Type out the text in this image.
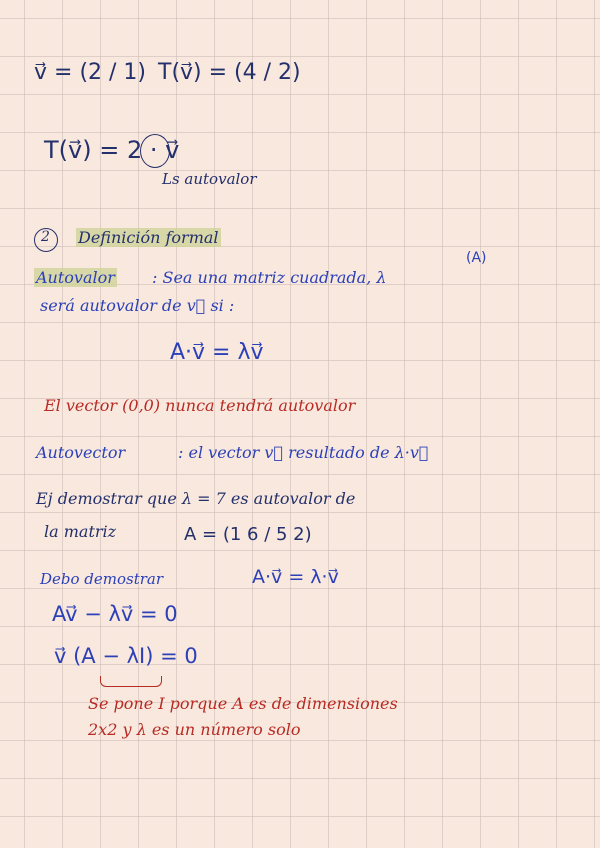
v⃗ = (2 / 1) T(v⃗) = (4 / 2)
T(v⃗) = 2 · v⃗
Ls autovalor
2 Definición formal
(A)
Autovalor : Sea una matriz cuadrada, λ
será autovalor de v⃗ si :
A·v⃗ = λv⃗
El vector (0,0) nunca tendrá autovalor
Autovector	: el vector v⃗ resultado de λ·v⃗
Ej demostrar que λ = 7 es autovalor de
la matriz	A = (1 6 / 5 2)
Debo demostrar	A·v⃗ = λ·v⃗
Av⃗ − λv⃗ = 0
v⃗ (A − λI) = 0
Se pone I porque A es de dimensiones
2x2 y λ es un número solo
